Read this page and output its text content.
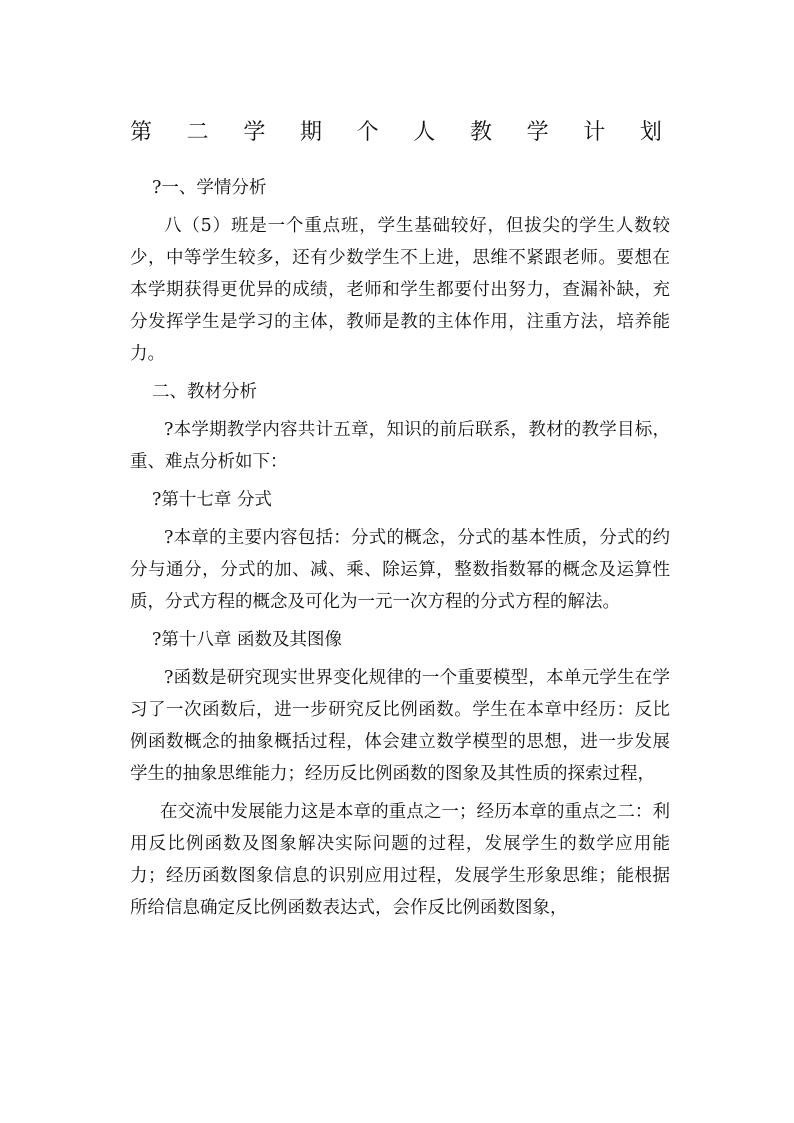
第 二 学 期 个 人 教 学 计 划

?一、学情分析

八（5）班是一个重点班，学生基础较好，但拔尖的学生人数较少，中等学生较多，还有少数学生不上进，思维不紧跟老师。要想在本学期获得更优异的成绩，老师和学生都要付出努力，查漏补缺，充分发挥学生是学习的主体，教师是教的主体作用，注重方法，培养能力。

二、教材分析

?本学期教学内容共计五章，知识的前后联系，教材的教学目标，重、难点分析如下：

?第十七章 分式

?本章的主要内容包括：分式的概念，分式的基本性质，分式的约分与通分，分式的加、减、乘、除运算，整数指数幂的概念及运算性质，分式方程的概念及可化为一元一次方程的分式方程的解法。

?第十八章 函数及其图像

?函数是研究现实世界变化规律的一个重要模型，本单元学生在学习了一次函数后，进一步研究反比例函数。学生在本章中经历：反比例函数概念的抽象概括过程，体会建立数学模型的思想，进一步发展学生的抽象思维能力；经历反比例函数的图象及其性质的探索过程，

在交流中发展能力这是本章的重点之一；经历本章的重点之二：利用反比例函数及图象解决实际问题的过程，发展学生的数学应用能力；经历函数图象信息的识别应用过程，发展学生形象思维；能根据所给信息确定反比例函数表达式，会作反比例函数图象，
